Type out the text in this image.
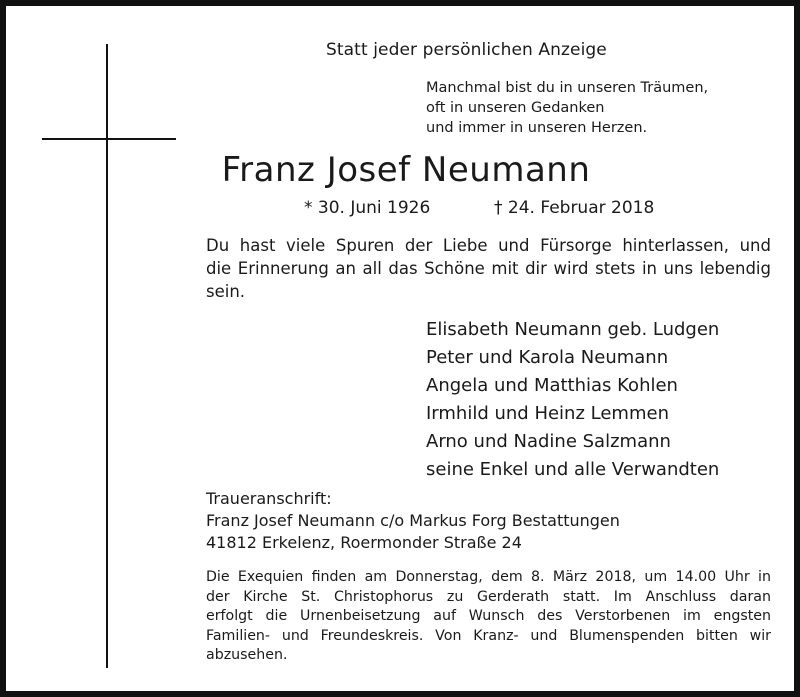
Statt jeder persönlichen Anzeige
Manchmal bist du in unseren Träumen,
oft in unseren Gedanken
und immer in unseren Herzen.
Franz Josef Neumann
* 30. Juni 1926	† 24. Februar 2018
Du hast viele Spuren der Liebe und Fürsorge hinterlassen, und
die Erinnerung an all das Schöne mit dir wird stets in uns lebendig
sein.
Elisabeth Neumann geb. Ludgen
Peter und Karola Neumann
Angela und Matthias Kohlen
Irmhild und Heinz Lemmen
Arno und Nadine Salzmann
seine Enkel und alle Verwandten
Traueranschrift:
Franz Josef Neumann c/o Markus Forg Bestattungen
41812 Erkelenz, Roermonder Straße 24
Die Exequien finden am Donnerstag, dem 8. März 2018, um 14.00 Uhr in
der Kirche St. Christophorus zu Gerderath statt. Im Anschluss daran
erfolgt die Urnenbeisetzung auf Wunsch des Verstorbenen im engsten
Familien- und Freundeskreis. Von Kranz- und Blumenspenden bitten wir
abzusehen.
